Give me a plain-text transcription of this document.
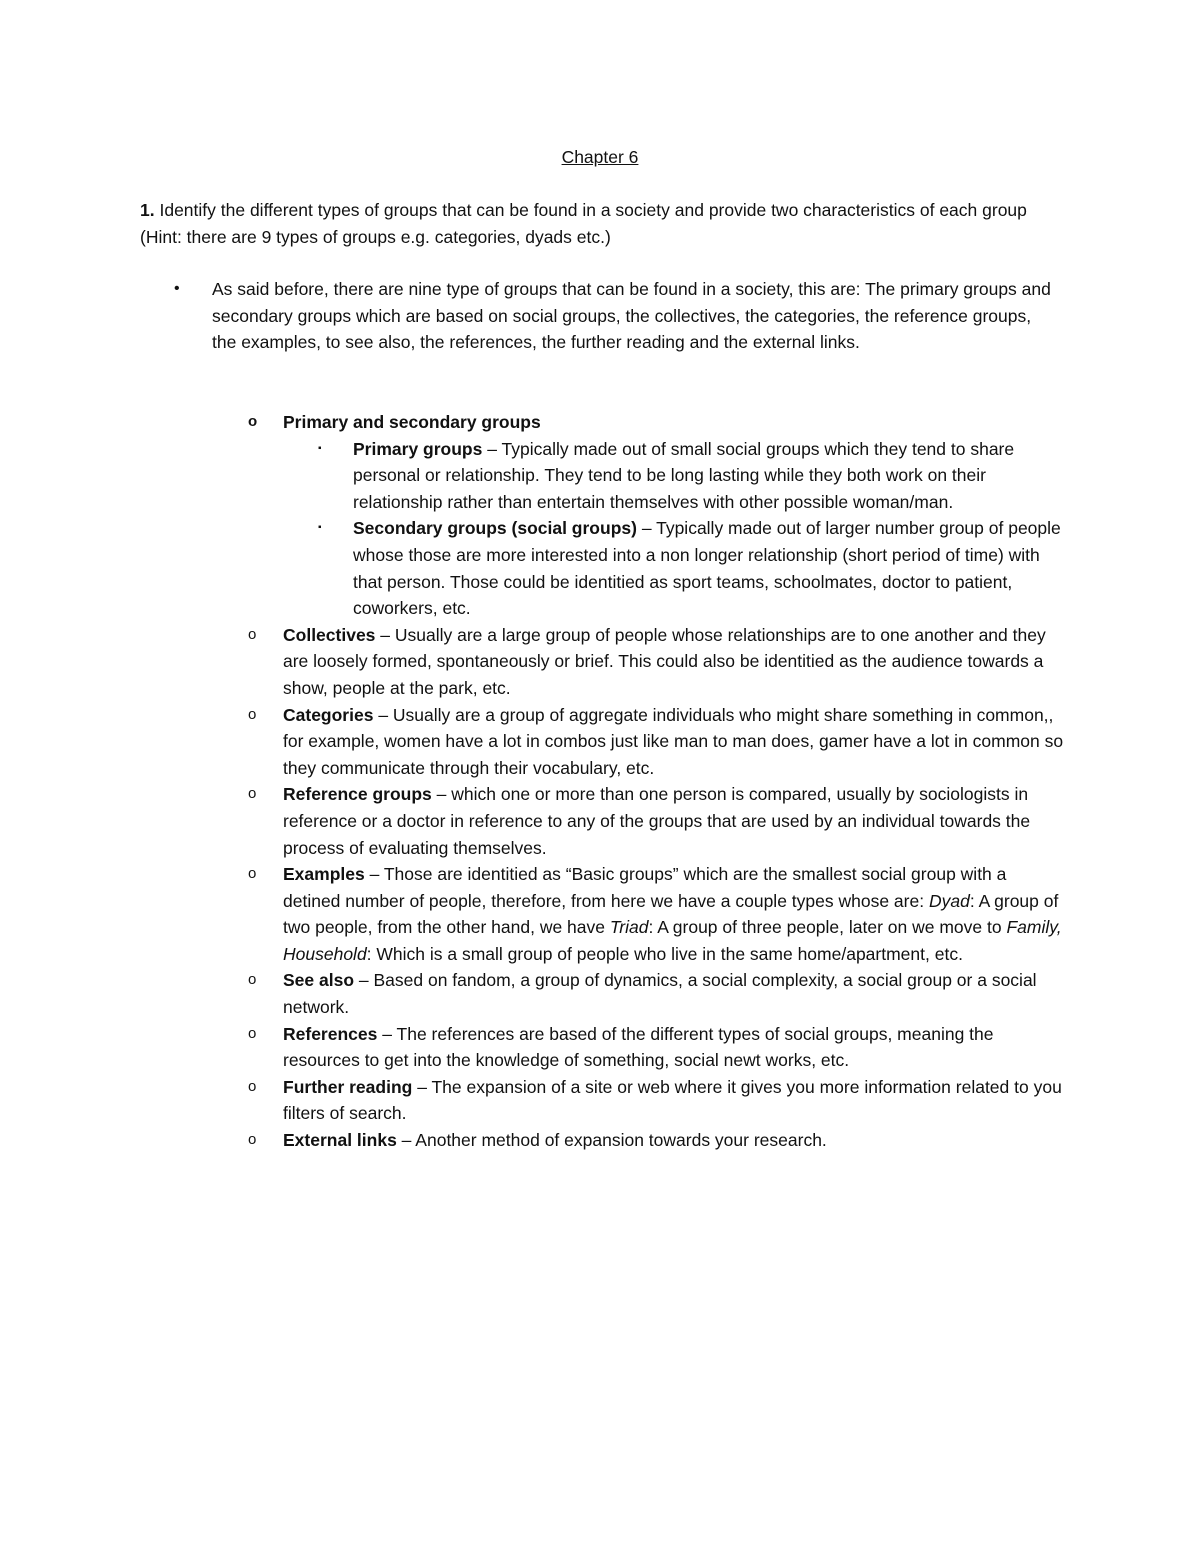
Chapter 6
1. Identify the different types of groups that can be found in a society and provide two characteristics of each group (Hint: there are 9 types of groups e.g. categories, dyads etc.)
• As said before, there are nine type of groups that can be found in a society, this are: The primary groups and secondary groups which are based on social groups, the collectives, the categories, the reference groups, the examples, to see also, the references, the further reading and the external links.
o Primary and secondary groups
▪ Primary groups – Typically made out of small social groups which they tend to share personal or relationship. They tend to be long lasting while they both work on their relationship rather than entertain themselves with other possible woman/man.
▪ Secondary groups (social groups) – Typically made out of larger number group of people whose those are more interested into a non longer relationship (short period of time) with that person. Those could be identitied as sport teams, schoolmates, doctor to patient, coworkers, etc.
o Collectives – Usually are a large group of people whose relationships are to one another and they are loosely formed, spontaneously or brief. This could also be identitied as the audience towards a show, people at the park, etc.
o Categories – Usually are a group of aggregate individuals who might share something in common,, for example, women have a lot in combos just like man to man does, gamer have a lot in common so they communicate through their vocabulary, etc.
o Reference groups – which one or more than one person is compared, usually by sociologists in reference or a doctor in reference to any of the groups that are used by an individual towards the process of evaluating themselves.
o Examples – Those are identitied as “Basic groups” which are the smallest social group with a detined number of people, therefore, from here we have a couple types whose are: Dyad: A group of two people, from the other hand, we have Triad: A group of three people, later on we move to Family, Household: Which is a small group of people who live in the same home/apartment, etc.
o See also – Based on fandom, a group of dynamics, a social complexity, a social group or a social network.
o References – The references are based of the different types of social groups, meaning the resources to get into the knowledge of something, social newt works, etc.
o Further reading – The expansion of a site or web where it gives you more information related to you filters of search.
o External links – Another method of expansion towards your research.
